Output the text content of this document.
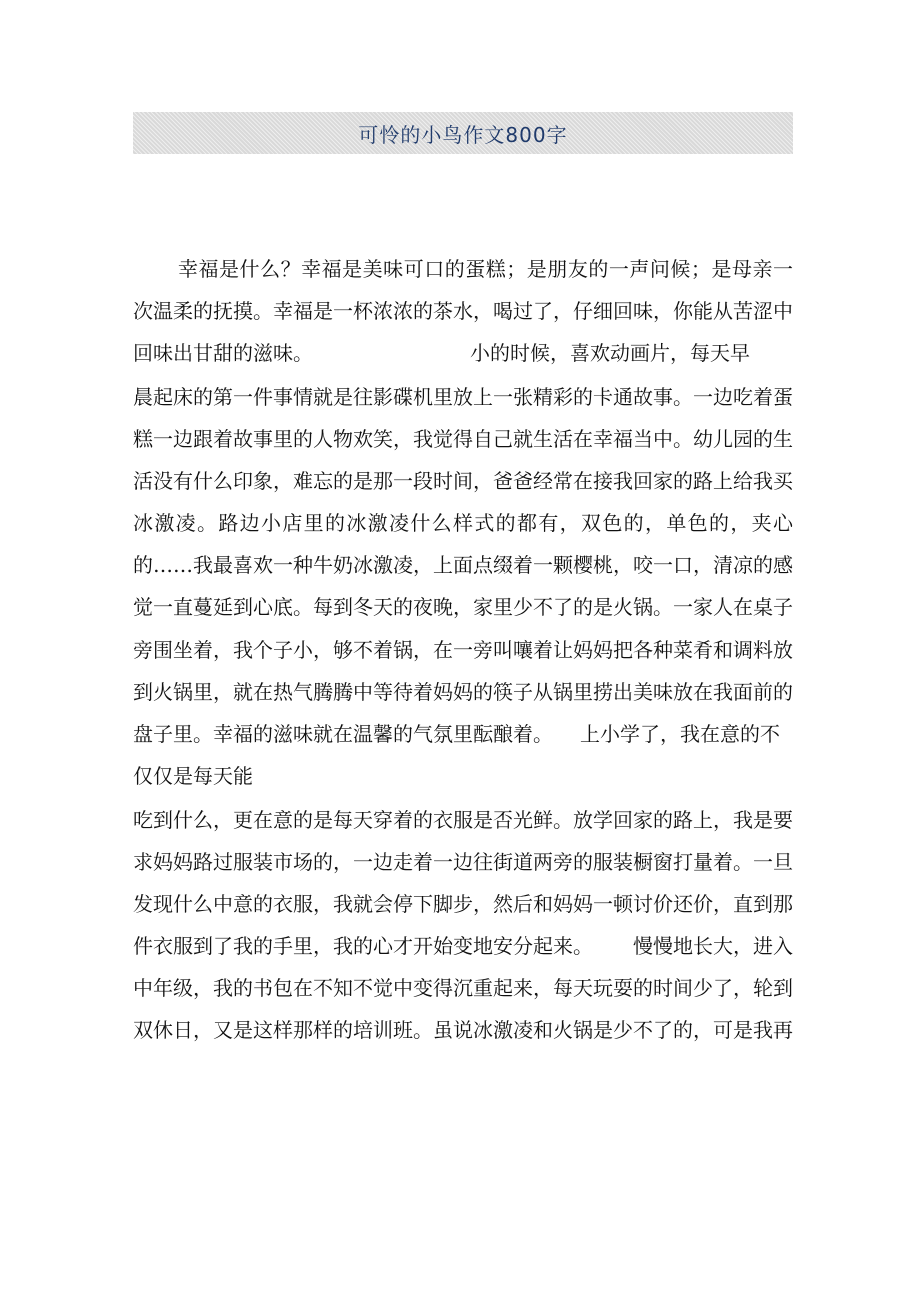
可怜的小鸟作文800字
幸福是什么？幸福是美味可口的蛋糕；是朋友的一声问候；是母亲一
次温柔的抚摸。幸福是一杯浓浓的茶水，喝过了，仔细回味，你能从苦涩中
回味出甘甜的滋味。	小的时候，喜欢动画片，每天早
晨起床的第一件事情就是往影碟机里放上一张精彩的卡通故事。一边吃着蛋
糕一边跟着故事里的人物欢笑，我觉得自己就生活在幸福当中。幼儿园的生
活没有什么印象，难忘的是那一段时间，爸爸经常在接我回家的路上给我买
冰激凌。路边小店里的冰激凌什么样式的都有，双色的，单色的，夹心
的……我最喜欢一种牛奶冰激凌，上面点缀着一颗樱桃，咬一口，清凉的感
觉一直蔓延到心底。每到冬天的夜晚，家里少不了的是火锅。一家人在桌子
旁围坐着，我个子小，够不着锅，在一旁叫嚷着让妈妈把各种菜肴和调料放
到火锅里，就在热气腾腾中等待着妈妈的筷子从锅里捞出美味放在我面前的
盘子里。幸福的滋味就在温馨的气氛里酝酿着。 上小学了，我在意的不
仅仅是每天能
吃到什么，更在意的是每天穿着的衣服是否光鲜。放学回家的路上，我是要
求妈妈路过服装市场的，一边走着一边往街道两旁的服装橱窗打量着。一旦
发现什么中意的衣服，我就会停下脚步，然后和妈妈一顿讨价还价，直到那
件衣服到了我的手里，我的心才开始变地安分起来。 慢慢地长大，进入
中年级，我的书包在不知不觉中变得沉重起来，每天玩耍的时间少了，轮到
双休日，又是这样那样的培训班。虽说冰激凌和火锅是少不了的，可是我再
